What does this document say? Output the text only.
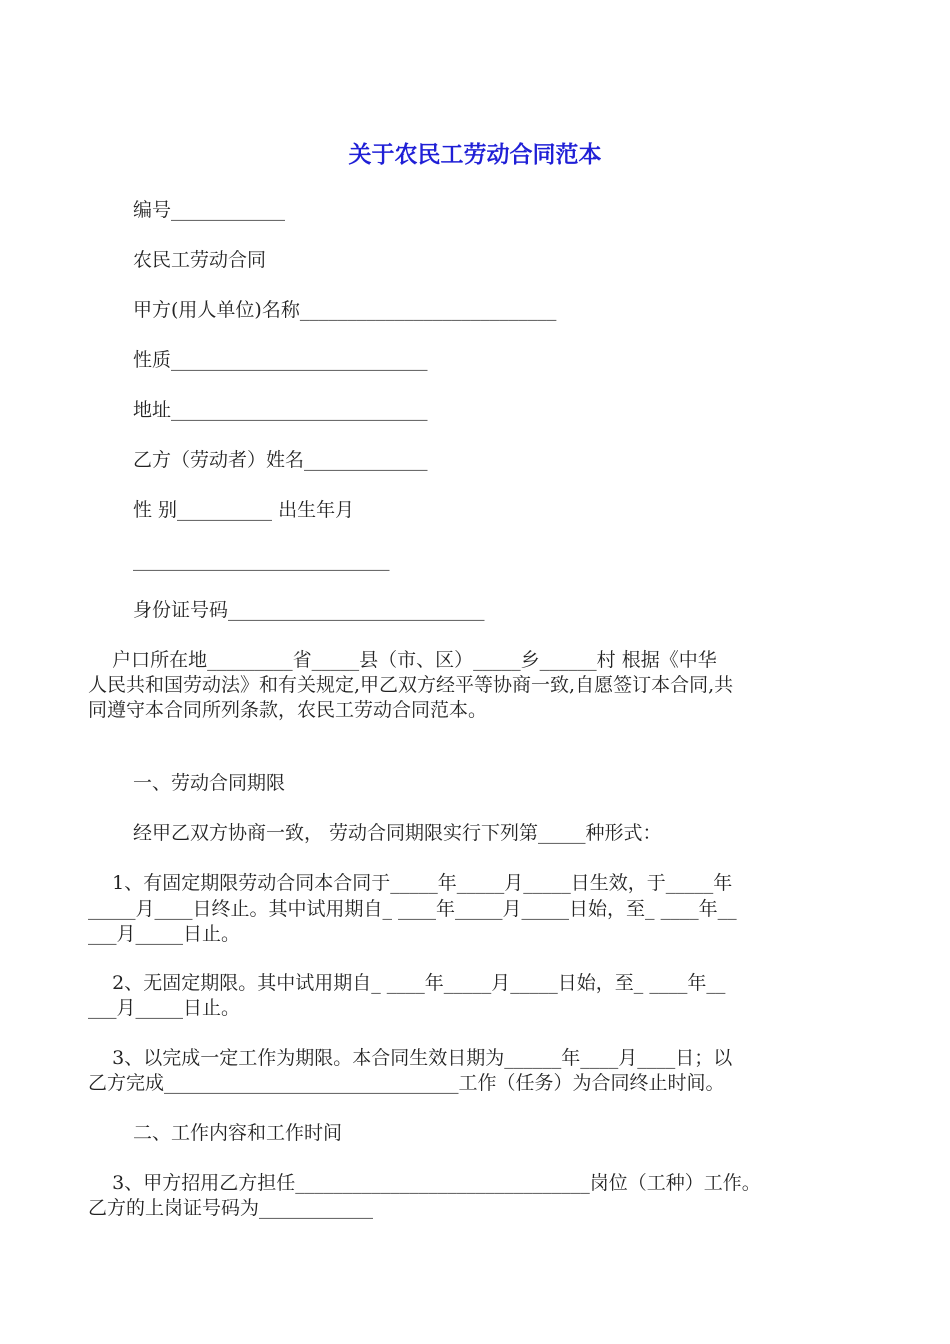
关于农民工劳动合同范本
编号____________
农民工劳动合同
甲方(用人单位)名称___________________________
性质___________________________
地址___________________________
乙方（劳动者）姓名_____________
性 别__________ 出生年月
___________________________
身份证号码___________________________
户口所在地_________省_____县（市、区）_____乡______村 根据《中华
人民共和国劳动法》和有关规定,甲乙双方经平等协商一致,自愿签订本合同,共
同遵守本合同所列条款，农民工劳动合同范本。
一、劳动合同期限
经甲乙双方协商一致， 劳动合同期限实行下列第_____种形式：
1、有固定期限劳动合同本合同于_____年_____月_____日生效，于_____年
_____月____日终止。其中试用期自_ ____年_____月_____日始，至_ ____年__
___月_____日止。
2、无固定期限。其中试用期自_ ____年_____月_____日始，至_ ____年__
___月_____日止。
3、以完成一定工作为期限。本合同生效日期为______年____月____日；以
乙方完成_______________________________工作（任务）为合同终止时间。
二、工作内容和工作时间
3、甲方招用乙方担任_______________________________岗位（工种）工作。
乙方的上岗证号码为____________
